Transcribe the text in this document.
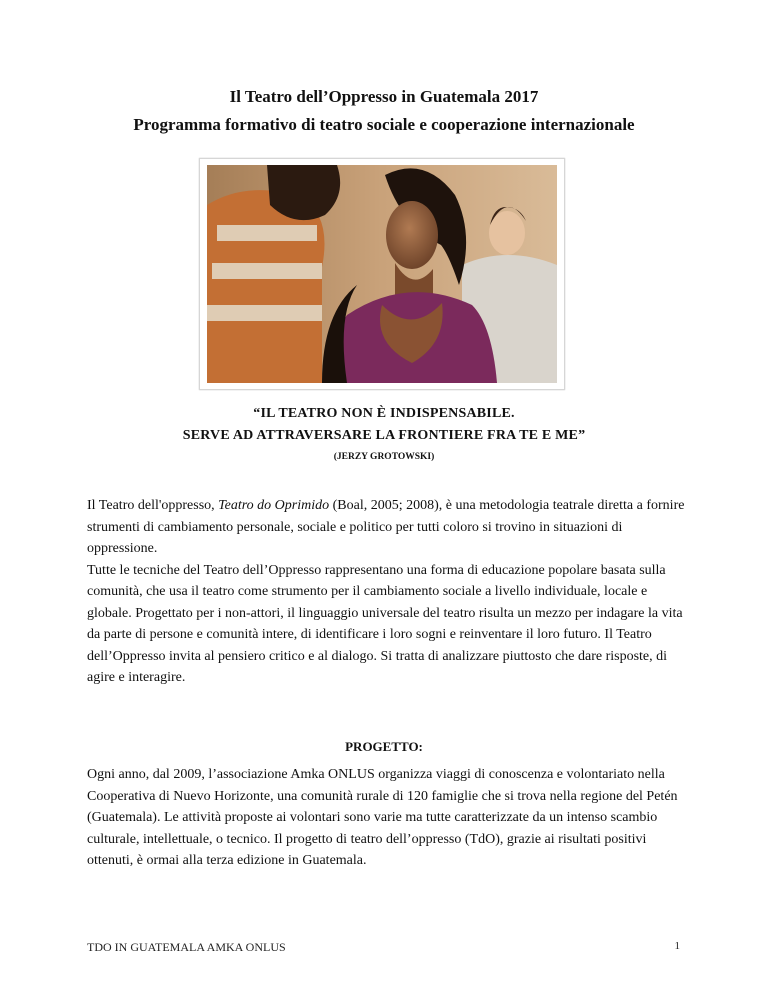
Il Teatro dell’Oppresso in Guatemala 2017
Programma formativo di teatro sociale e cooperazione internazionale
“IL TEATRO NON È INDISPENSABILE.
SERVE AD ATTRAVERSARE LA FRONTIERE FRA TE E ME”
(JERZY GROTOWSKI)

Il Teatro dell'oppresso, Teatro do Oprimido (Boal, 2005; 2008), è una metodologia teatrale diretta a fornire strumenti di cambiamento personale, sociale e politico per tutti coloro si trovino in situazioni di oppressione.

Tutte le tecniche del Teatro dell’Oppresso rappresentano una forma di educazione popolare basata sulla comunità, che usa il teatro come strumento per il cambiamento sociale a livello individuale, locale e globale. Progettato per i non-attori, il linguaggio universale del teatro risulta un mezzo per indagare la vita da parte di persone e comunità intere, di identificare i loro sogni e reinventare il loro futuro. Il Teatro dell’Oppresso invita al pensiero critico e al dialogo. Si tratta di analizzare piuttosto che dare risposte, di agire e interagire.

PROGETTO:

Ogni anno, dal 2009, l’associazione Amka ONLUS organizza viaggi di conoscenza e volontariato nella Cooperativa di Nuevo Horizonte, una comunità rurale di 120 famiglie che si trova nella regione del Petén (Guatemala). Le attività proposte ai volontari sono varie ma tutte caratterizzate da un intenso scambio culturale, intellettuale, o tecnico. Il progetto di teatro dell’oppresso (TdO), grazie ai risultati positivi ottenuti, è ormai alla terza edizione in Guatemala.

TDO IN GUATEMALA AMKA ONLUS	1
